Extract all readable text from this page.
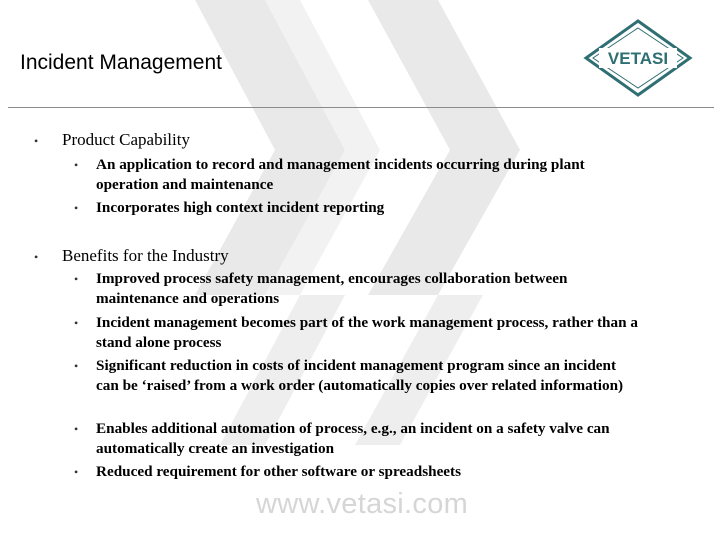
Incident Management	VETASI
• Product Capability
• An application to record and management incidents occurring during plant operation and maintenance
• Incorporates high context incident reporting
• Benefits for the Industry
• Improved process safety management, encourages collaboration between maintenance and operations
• Incident management becomes part of the work management process, rather than a stand alone process
• Significant reduction in costs of incident management program since an incident can be ‘raised’ from a work order (automatically copies over related information)
• Enables additional automation of process, e.g., an incident on a safety valve can automatically create an investigation
• Reduced requirement for other software or spreadsheets
www.vetasi.com
